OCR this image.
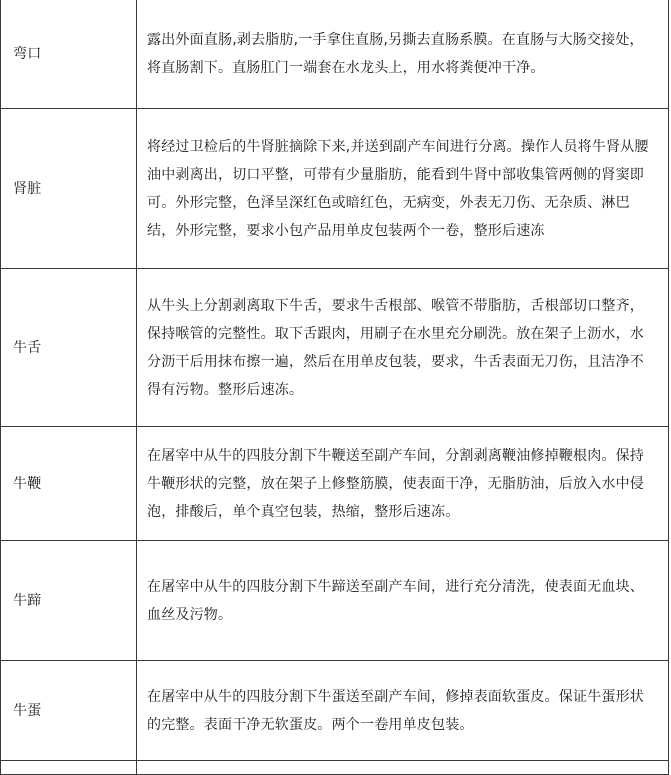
弯口	露出外面直肠,剥去脂肪,一手拿住直肠,另撕去直肠系膜。在直肠与大肠交接处，将直肠割下。直肠肛门一端套在水龙头上，用水将粪便冲干净。

肾脏	将经过卫检后的牛肾脏摘除下来,并送到副产车间进行分离。操作人员将牛肾从腰油中剥离出，切口平整，可带有少量脂肪，能看到牛肾中部收集管两侧的肾窦即可。外形完整，色泽呈深红色或暗红色，无病变，外表无刀伤、无杂质、淋巴结，外形完整，要求小包产品用单皮包装两个一卷，整形后速冻

牛舌	从牛头上分割剥离取下牛舌，要求牛舌根部、喉管不带脂肪，舌根部切口整齐，保持喉管的完整性。取下舌跟肉，用刷子在水里充分刷洗。放在架子上沥水，水分沥干后用抹布擦一遍，然后在用单皮包装，要求，牛舌表面无刀伤，且洁净不得有污物。整形后速冻。

牛鞭	在屠宰中从牛的四肢分割下牛鞭送至副产车间，分割剥离鞭油修掉鞭根肉。保持牛鞭形状的完整，放在架子上修整筋膜，使表面干净，无脂肪油，后放入水中侵泡，排酸后，单个真空包装，热缩，整形后速冻。

牛蹄	在屠宰中从牛的四肢分割下牛蹄送至副产车间，进行充分清洗，使表面无血块、血丝及污物。

牛蛋	在屠宰中从牛的四肢分割下牛蛋送至副产车间，修掉表面软蛋皮。保证牛蛋形状的完整。表面干净无软蛋皮。两个一卷用单皮包装。
